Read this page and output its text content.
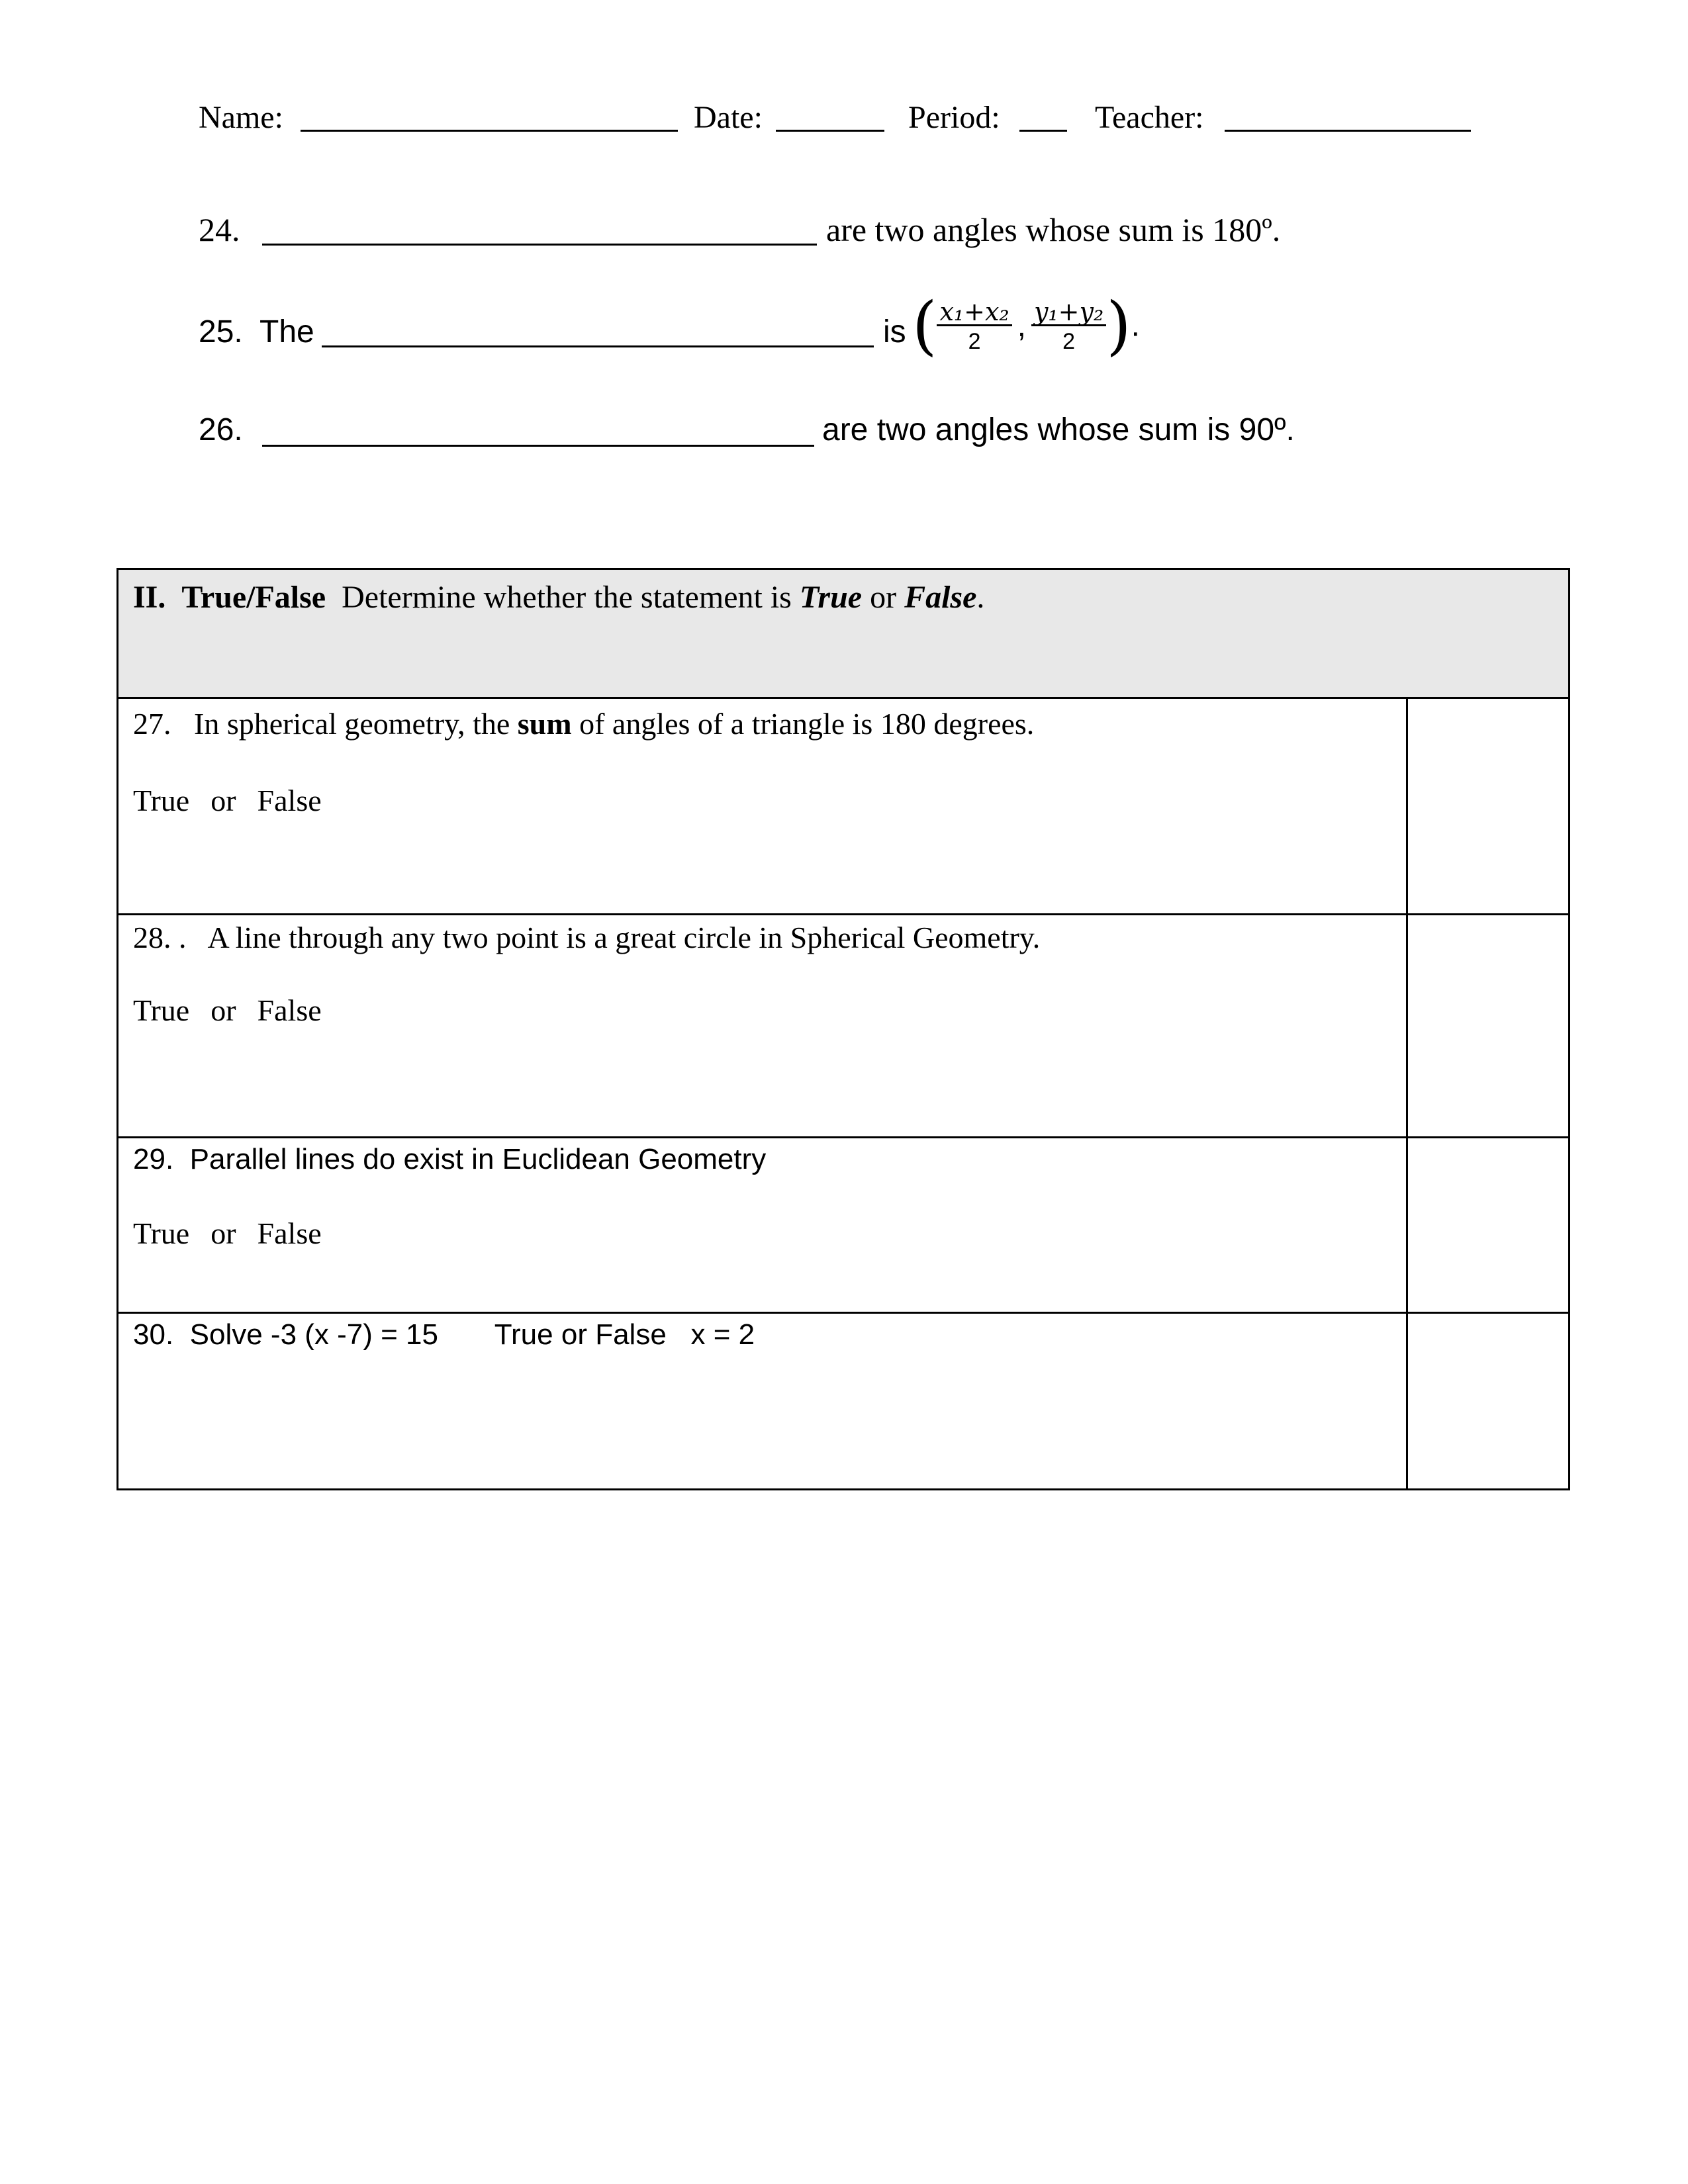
Name:	Date:	Period:	Teacher:
24.	are two angles whose sum is 180º.
25. The	is ( $\frac{\text{x₁+x₂}}{2}$ , $\frac{\text{y₁+y₂}}{2}$ ).
26.	are two angles whose sum is 90º.
II. True/False Determine whether the statement is True or False.
27. In spherical geometry, the sum of angles of a triangle is 180 degrees.
True or False
28. . A line through any two point is a great circle in Spherical Geometry.
True or False
29. Parallel lines do exist in Euclidean Geometry
True or False
30. Solve -3 (x -7) = 15 True or False x = 2
